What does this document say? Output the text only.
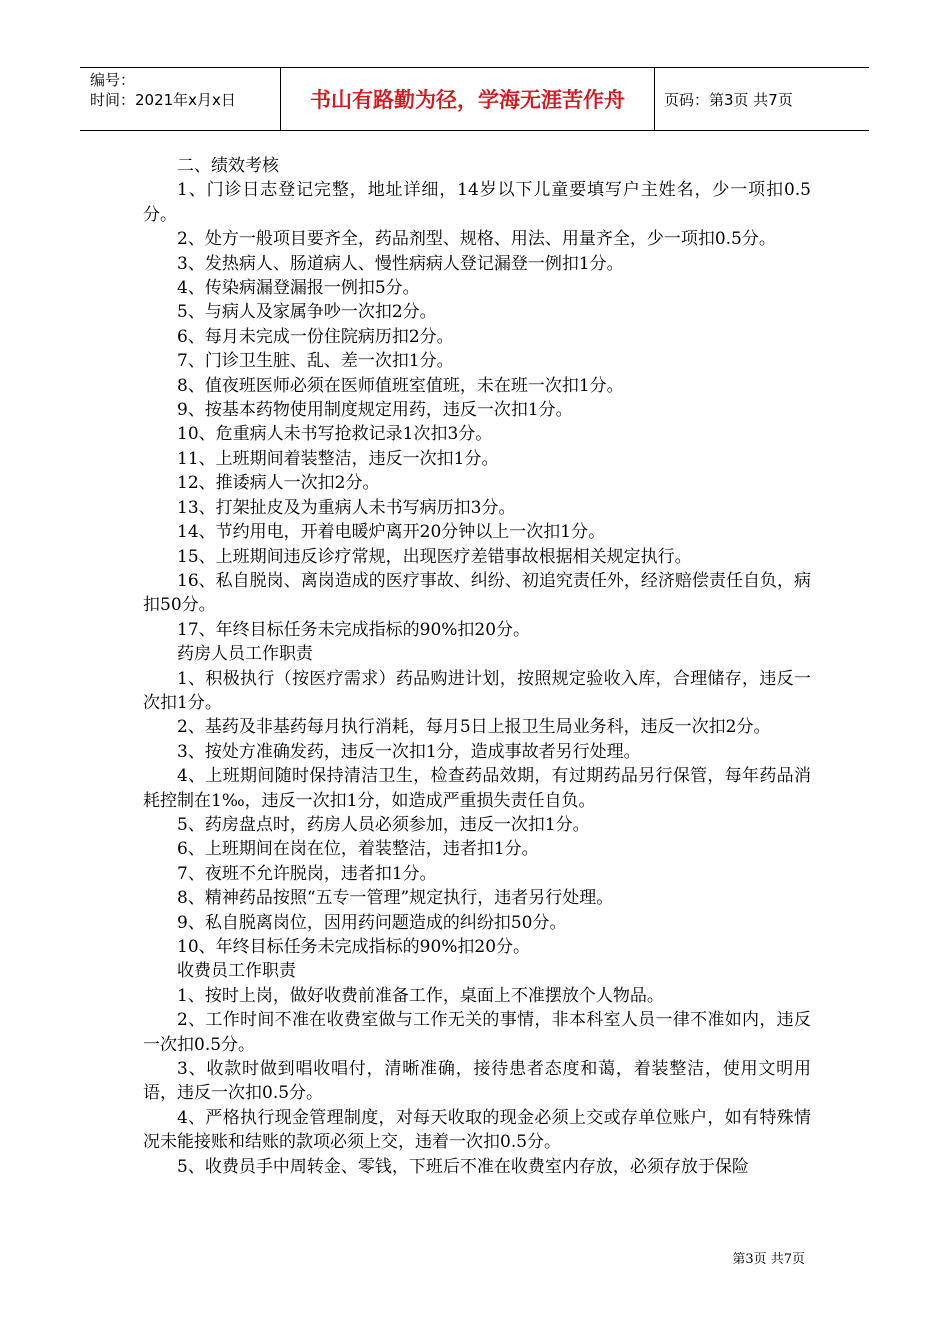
编号：
时间：2021年x月x日	书山有路勤为径，学海无涯苦作舟	页码：第3页 共7页

二、绩效考核

1、门诊日志登记完整，地址详细，14岁以下儿童要填写户主姓名，少一项扣0.5分。

2、处方一般项目要齐全，药品剂型、规格、用法、用量齐全，少一项扣0.5分。

3、发热病人、肠道病人、慢性病病人登记漏登一例扣1分。

4、传染病漏登漏报一例扣5分。

5、与病人及家属争吵一次扣2分。

6、每月未完成一份住院病历扣2分。

7、门诊卫生脏、乱、差一次扣1分。

8、值夜班医师必须在医师值班室值班，未在班一次扣1分。

9、按基本药物使用制度规定用药，违反一次扣1分。

10、危重病人未书写抢救记录1次扣3分。

11、上班期间着装整洁，违反一次扣1分。

12、推诿病人一次扣2分。

13、打架扯皮及为重病人未书写病历扣3分。

14、节约用电，开着电暖炉离开20分钟以上一次扣1分。

15、上班期间违反诊疗常规，出现医疗差错事故根据相关规定执行。

16、私自脱岗、离岗造成的医疗事故、纠纷、初追究责任外，经济赔偿责任自负，病扣50分。

17、年终目标任务未完成指标的90%扣20分。

药房人员工作职责

1、积极执行（按医疗需求）药品购进计划，按照规定验收入库，合理储存，违反一次扣1分。

2、基药及非基药每月执行消耗，每月5日上报卫生局业务科，违反一次扣2分。

3、按处方准确发药，违反一次扣1分，造成事故者另行处理。

4、上班期间随时保持清洁卫生，检查药品效期，有过期药品另行保管，每年药品消耗控制在1‰，违反一次扣1分，如造成严重损失责任自负。

5、药房盘点时，药房人员必须参加，违反一次扣1分。

6、上班期间在岗在位，着装整洁，违者扣1分。

7、夜班不允许脱岗，违者扣1分。

8、精神药品按照“五专一管理”规定执行，违者另行处理。

9、私自脱离岗位，因用药问题造成的纠纷扣50分。

10、年终目标任务未完成指标的90%扣20分。

收费员工作职责

1、按时上岗，做好收费前准备工作，桌面上不准摆放个人物品。

2、工作时间不准在收费室做与工作无关的事情，非本科室人员一律不准如内，违反一次扣0.5分。

3、收款时做到唱收唱付，清晰准确，接待患者态度和蔼，着装整洁，使用文明用语，违反一次扣0.5分。

4、严格执行现金管理制度，对每天收取的现金必须上交或存单位账户，如有特殊情况未能接账和结账的款项必须上交，违着一次扣0.5分。

5、收费员手中周转金、零钱，下班后不准在收费室内存放，必须存放于保险

第3页 共7页
